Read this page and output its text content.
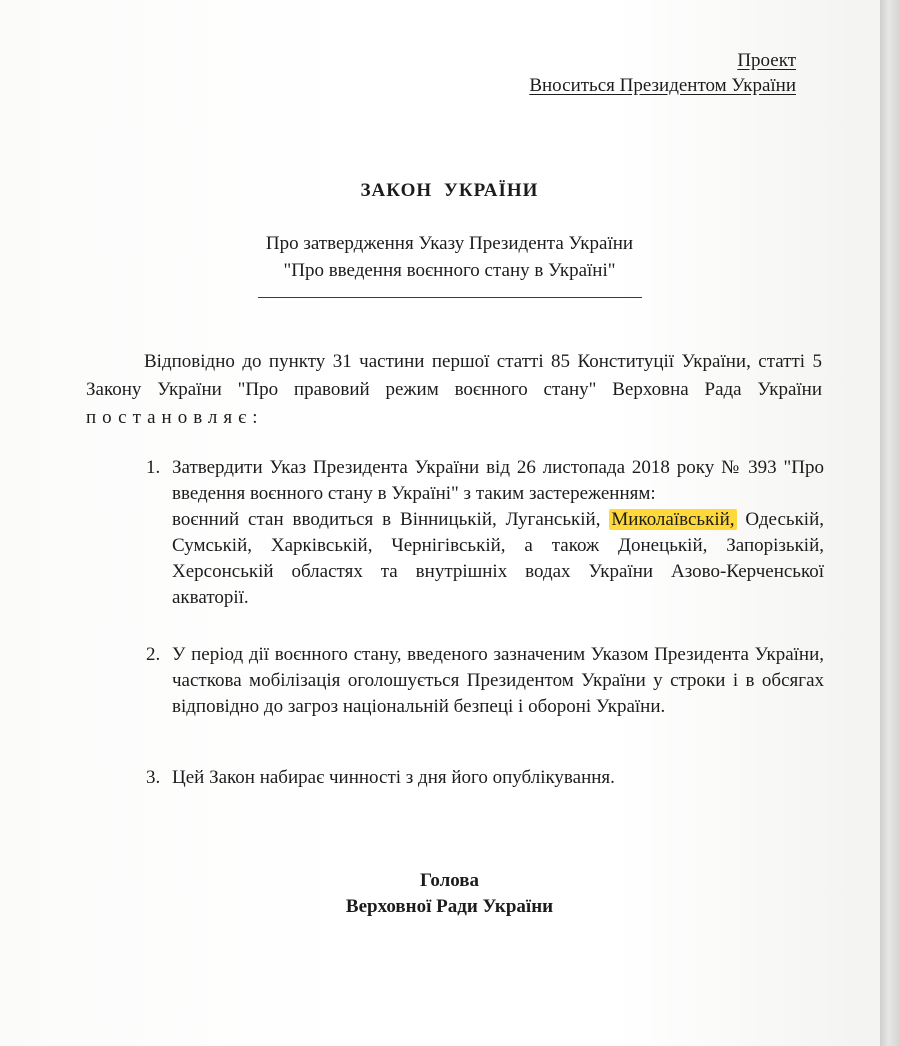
Проект
Вноситься Президентом України
ЗАКОН УКРАЇНИ
Про затвердження Указу Президента України
"Про введення воєнного стану в Україні"

Відповідно до пункту 31 частини першої статті 85 Конституції України, статті 5 Закону України "Про правовий режим воєнного стану" Верховна Рада України постановляє:

1. Затвердити Указ Президента України від 26 листопада 2018 року № 393 "Про введення воєнного стану в Україні" з таким застереженням:
воєнний стан вводиться в Вінницькій, Луганській, Миколаївській, Одеській, Сумській, Харківській, Чернігівській, а також Донецькій, Запорізькій, Херсонській областях та внутрішніх водах України Азово-Керченської акваторії.
2. У період дії воєнного стану, введеного зазначеним Указом Президента України, часткова мобілізація оголошується Президентом України у строки і в обсягах відповідно до загроз національній безпеці і обороні України.
3. Цей Закон набирає чинності з дня його опублікування.
Голова
Верховної Ради України
